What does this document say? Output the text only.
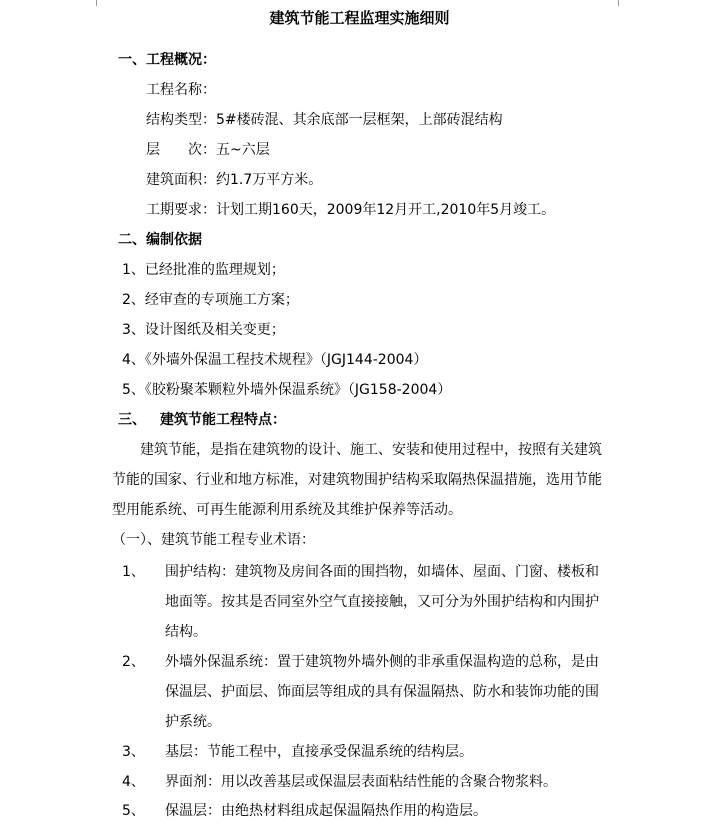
建筑节能工程监理实施细则
一、工程概况：
工程名称：
结构类型：5#楼砖混、其余底部一层框架，上部砖混结构
层　　次：五~六层
建筑面积：约1.7万平方米。
工期要求：计划工期160天，2009年12月开工,2010年5月竣工。
二、编制依据
1、已经批准的监理规划；
2、经审查的专项施工方案；
3、设计图纸及相关变更；
4、《外墙外保温工程技术规程》（JGJ144-2004）
5、《胶粉聚苯颗粒外墙外保温系统》（JG158-2004）
三、 建筑节能工程特点：
建筑节能，是指在建筑物的设计、施工、安装和使用过程中，按照有关建筑
节能的国家、行业和地方标准，对建筑物围护结构采取隔热保温措施，选用节能
型用能系统、可再生能源利用系统及其维护保养等活动。
（一）、建筑节能工程专业术语：
1、 围护结构：建筑物及房间各面的围挡物，如墙体、屋面、门窗、楼板和
地面等。按其是否同室外空气直接接触，又可分为外围护结构和内围护
结构。
2、 外墙外保温系统：置于建筑物外墙外侧的非承重保温构造的总称，是由
保温层、护面层、饰面层等组成的具有保温隔热、防水和装饰功能的围
护系统。
3、 基层：节能工程中，直接承受保温系统的结构层。
4、 界面剂：用以改善基层或保温层表面粘结性能的含聚合物浆料。
5、 保温层：由绝热材料组成起保温隔热作用的构造层。
